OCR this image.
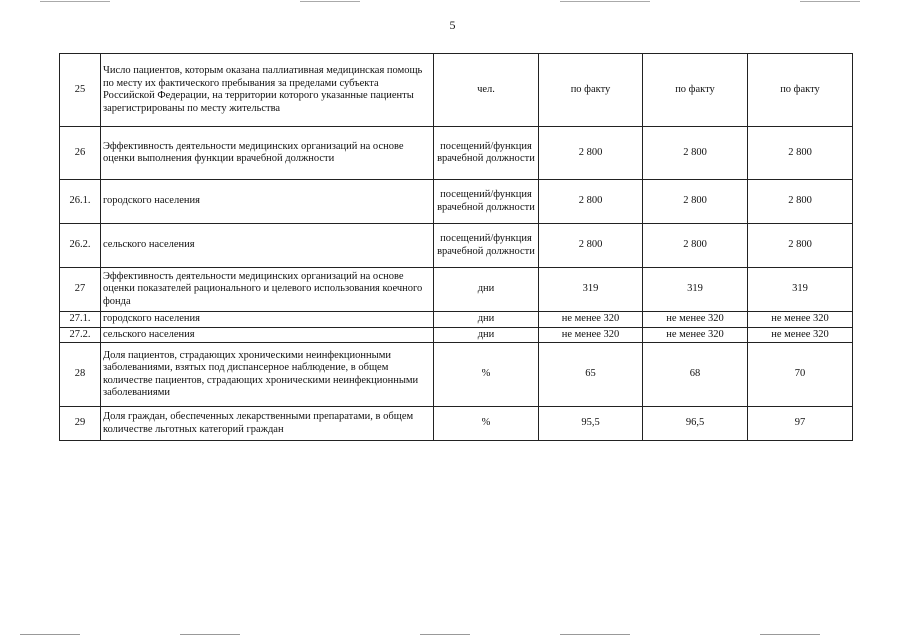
5
25	Число пациентов, которым оказана паллиативная медицинская помощь по месту их фактического пребывания за пределами субъекта Российской Федерации, на территории которого указанные пациенты зарегистрированы по месту жительства	чел.	по факту	по факту	по факту
26	Эффективность деятельности медицинских организаций на основе оценки выполнения функции врачебной должности	посещений/функция врачебной должности	2 800	2 800	2 800
26.1.	городского населения	посещений/функция врачебной должности	2 800	2 800	2 800
26.2.	сельского населения	посещений/функция врачебной должности	2 800	2 800	2 800
27	Эффективность деятельности медицинских организаций на основе оценки показателей рационального и целевого использования коечного фонда	дни	319	319	319
27.1.	городского населения	дни	не менее 320	не менее 320	не менее 320
27.2.	сельского населения	дни	не менее 320	не менее 320	не менее 320
28	Доля пациентов, страдающих хроническими неинфекционными заболеваниями, взятых под диспансерное наблюдение, в общем количестве пациентов, страдающих хроническими неинфекционными заболеваниями	%	65	68	70
29	Доля граждан, обеспеченных лекарственными препаратами, в общем количестве льготных категорий граждан	%	95,5	96,5	97
